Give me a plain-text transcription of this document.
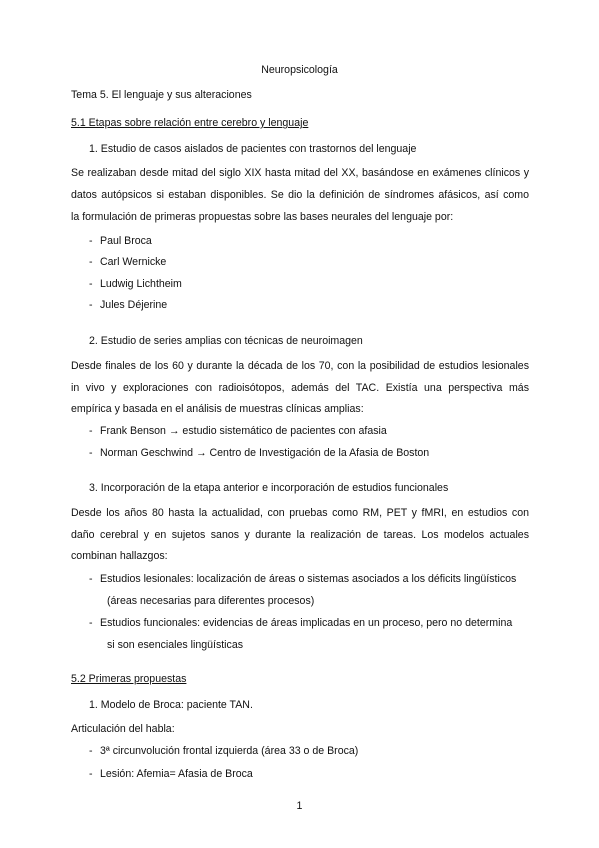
Neuropsicología
Tema 5. El lenguaje y sus alteraciones
5.1 Etapas sobre relación entre cerebro y lenguaje
1. Estudio de casos aislados de pacientes con trastornos del lenguaje
Se realizaban desde mitad del siglo XIX hasta mitad del XX, basándose en exámenes clínicos y
datos autópsicos si estaban disponibles. Se dio la definición de síndromes afásicos, así como
la formulación de primeras propuestas sobre las bases neurales del lenguaje por:
- Paul Broca
- Carl Wernicke
- Ludwig Lichtheim
- Jules Déjerine
2. Estudio de series amplias con técnicas de neuroimagen
Desde finales de los 60 y durante la década de los 70, con la posibilidad de estudios lesionales
in vivo y exploraciones con radioisótopos, además del TAC. Existía una perspectiva más
empírica y basada en el análisis de muestras clínicas amplias:
- Frank Benson → estudio sistemático de pacientes con afasia
- Norman Geschwind → Centro de Investigación de la Afasia de Boston
3. Incorporación de la etapa anterior e incorporación de estudios funcionales
Desde los años 80 hasta la actualidad, con pruebas como RM, PET y fMRI, en estudios con
daño cerebral y en sujetos sanos y durante la realización de tareas. Los modelos actuales
combinan hallazgos:
- Estudios lesionales: localización de áreas o sistemas asociados a los déficits lingüísticos
(áreas necesarias para diferentes procesos)
- Estudios funcionales: evidencias de áreas implicadas en un proceso, pero no determina
si son esenciales lingüísticas
5.2 Primeras propuestas
1. Modelo de Broca: paciente TAN.
Articulación del habla:
- 3ª circunvolución frontal izquierda (área 33 o de Broca)
- Lesión: Afemia= Afasia de Broca
1
